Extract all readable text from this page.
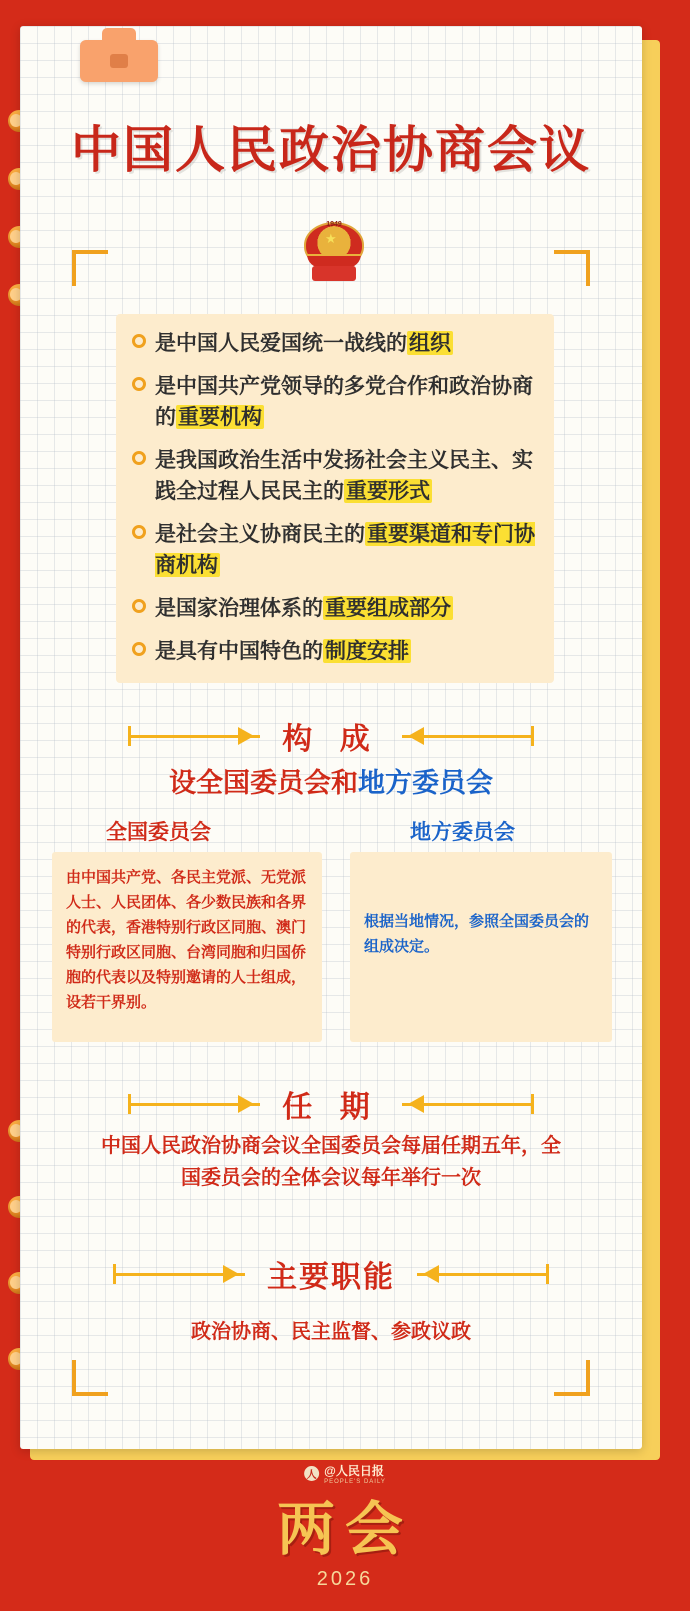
中国人民政治协商会议
1949
★
是中国人民爱国统一战线的组织
是中国共产党领导的多党合作和政治协商的重要机构
是我国政治生活中发扬社会主义民主、实践全过程人民民主的重要形式
是社会主义协商民主的重要渠道和专门协商机构
是国家治理体系的重要组成部分
是具有中国特色的制度安排
构 成
设全国委员会和地方委员会
全国委员会	地方委员会
由中国共产党、各民主党派、无党派人士、人民团体、各少数民族和各界的代表，香港特别行政区同胞、澳门特别行政区同胞、台湾同胞和归国侨胞的代表以及特别邀请的人士组成，设若干界别。
根据当地情况，参照全国委员会的组成决定。
任 期
中国人民政治协商会议全国委员会每届任期五年，全国委员会的全体会议每年举行一次
主要职能
政治协商、民主监督、参政议政
人 @人民日报
PEOPLE'S DAILY
两会
2026
